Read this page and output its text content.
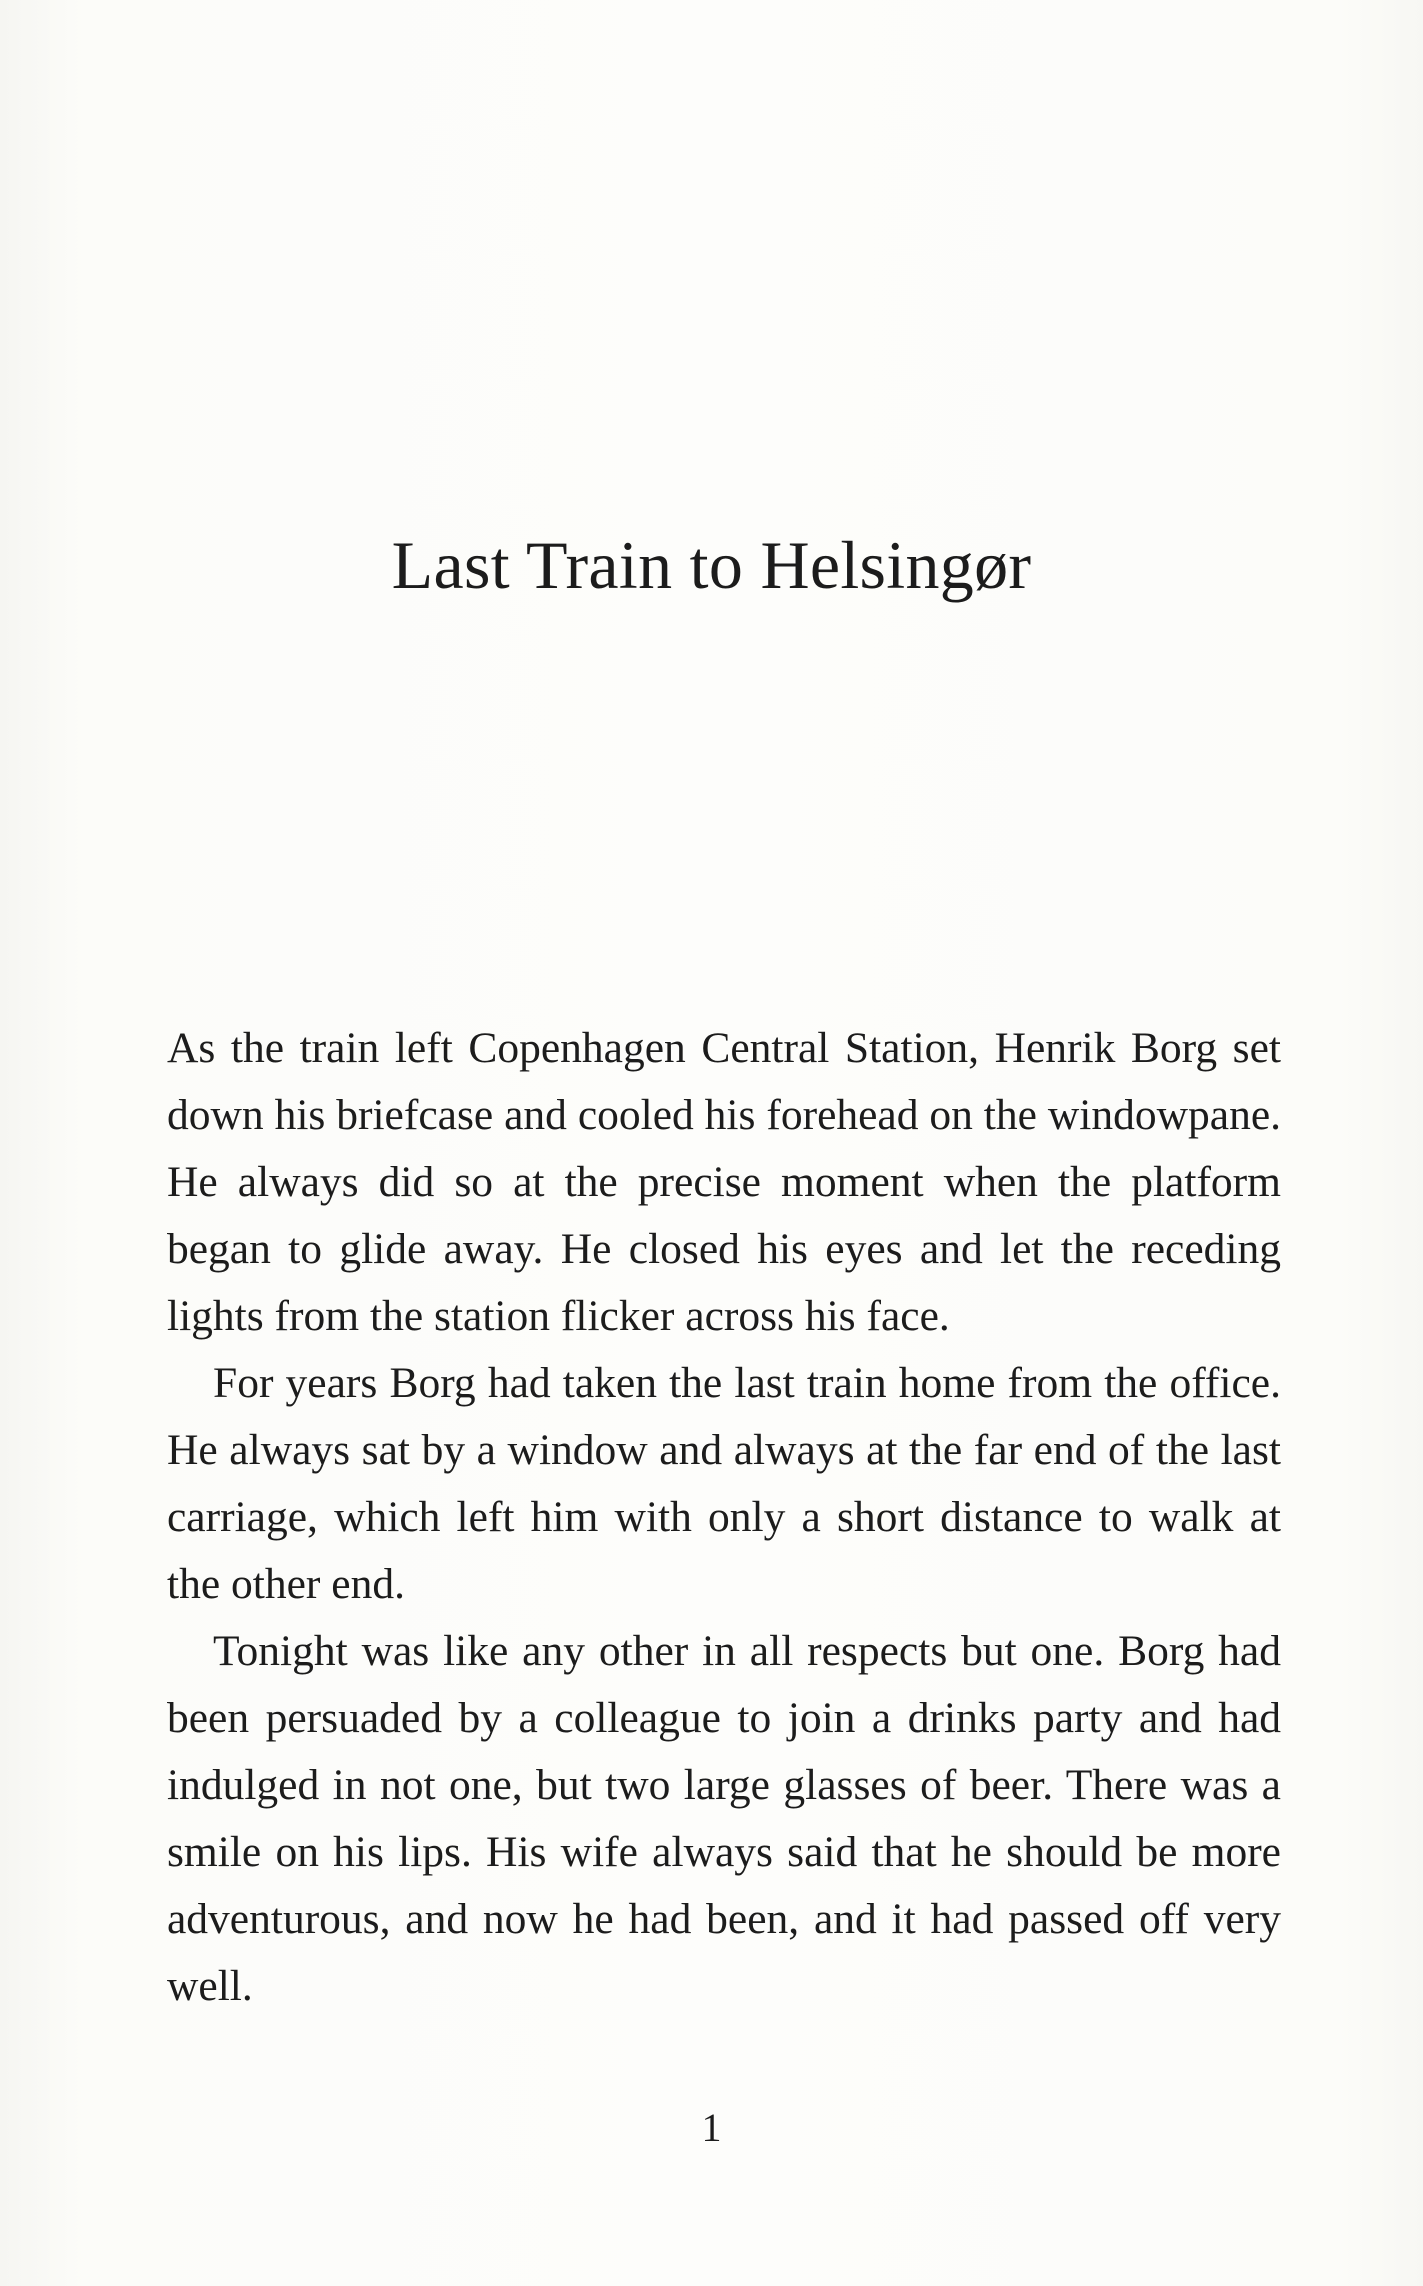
Last Train to Helsingør

As the train left Copenhagen Central Station, Henrik Borg set down his briefcase and cooled his forehead on the windowpane. He always did so at the precise moment when the platform began to glide away. He closed his eyes and let the receding lights from the station flicker across his face.

For years Borg had taken the last train home from the office. He always sat by a window and always at the far end of the last carriage, which left him with only a short distance to walk at the other end.

Tonight was like any other in all respects but one. Borg had been persuaded by a colleague to join a drinks party and had indulged in not one, but two large glasses of beer. There was a smile on his lips. His wife always said that he should be more adventurous, and now he had been, and it had passed off very well.

1
